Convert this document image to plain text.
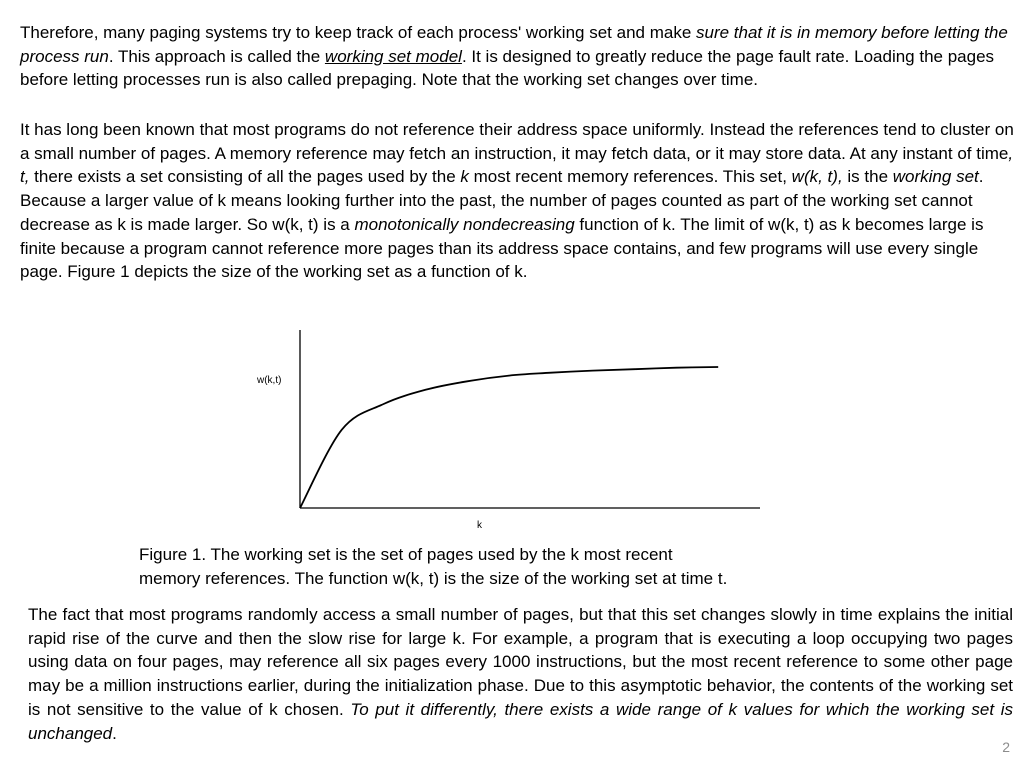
Therefore, many paging systems try to keep track of each process' working set and make sure that it is in memory before letting the process run. This approach is called the working set model. It is designed to greatly reduce the page fault rate. Loading the pages before letting processes run is also called prepaging. Note that the working set changes over time.

It has long been known that most programs do not reference their address space uniformly. Instead the references tend to cluster on a small number of pages. A memory reference may fetch an instruction, it may fetch data, or it may store data. At any instant of time, t, there exists a set consisting of all the pages used by the k most recent memory references. This set, w(k, t), is the working set. Because a larger value of k means looking further into the past, the number of pages counted as part of the working set cannot decrease as k is made larger. So w(k, t) is a monotonically nondecreasing function of k. The limit of w(k, t) as k becomes large is finite because a program cannot reference more pages than its address space contains, and few programs will use every single page. Figure 1 depicts the size of the working set as a function of k.

w(k,t)
k
Figure 1. The working set is the set of pages used by the k most recent
memory references. The function w(k, t) is the size of the working set at time t.

The fact that most programs randomly access a small number of pages, but that this set changes slowly in time explains the initial rapid rise of the curve and then the slow rise for large k. For example, a program that is executing a loop occupying two pages using data on four pages, may reference all six pages every 1000 instructions, but the most recent reference to some other page may be a million instructions earlier, during the initialization phase. Due to this asymptotic behavior, the contents of the working set is not sensitive to the value of k chosen. To put it differently, there exists a wide range of k values for which the working set is unchanged.

2
